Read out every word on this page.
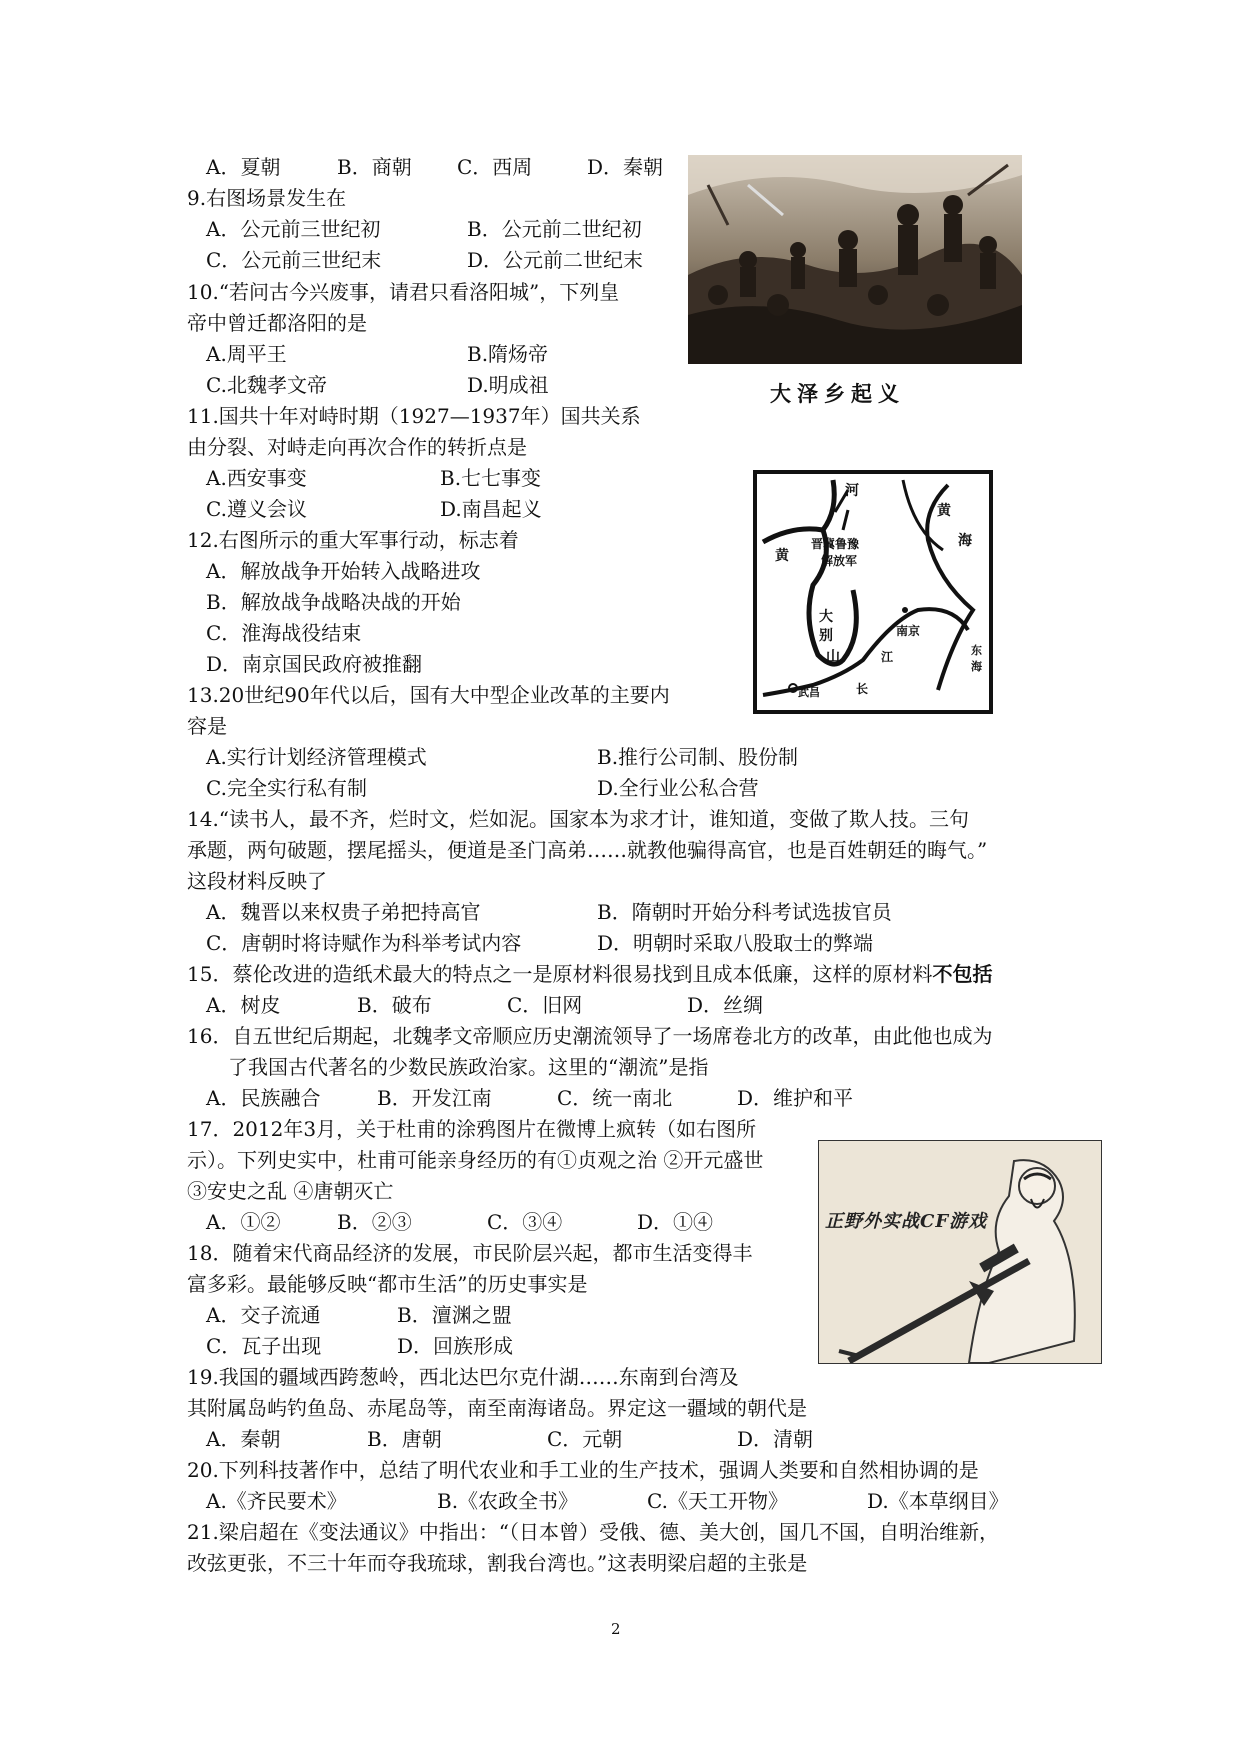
A．夏朝	B．商朝 C．西周	D．秦朝
9.右图场景发生在
A．公元前三世纪初	B．公元前二世纪初
C．公元前三世纪末	D．公元前二世纪末
大泽乡起义
10.“若问古今兴废事，请君只看洛阳城”，下列皇
帝中曾迁都洛阳的是
A.周平王	B.隋炀帝
C.北魏孝文帝	D.明成祖
11.国共十年对峙时期（1927—1937年）国共关系
由分裂、对峙走向再次合作的转折点是
A.西安事变	B.七七事变
C.遵义会议	D.南昌起义
河
黄
黄
海
晋冀鲁豫
解放军
大
别
山
南京
江
长
武昌
东
海
12.右图所示的重大军事行动，标志着
A．解放战争开始转入战略进攻
B．解放战争战略决战的开始
C．淮海战役结束
D．南京国民政府被推翻
13.20世纪90年代以后，国有大中型企业改革的主要内
容是
A.实行计划经济管理模式	B.推行公司制、股份制
C.完全实行私有制	D.全行业公私合营
14.“读书人，最不齐，烂时文，烂如泥。国家本为求才计，谁知道，变做了欺人技。三句
承题，两句破题，摆尾摇头，便道是圣门高弟……就教他骗得高官，也是百姓朝廷的晦气。”
这段材料反映了
A．魏晋以来权贵子弟把持高官	B．隋朝时开始分科考试选拔官员
C．唐朝时将诗赋作为科举考试内容	D．明朝时采取八股取士的弊端
15．蔡伦改进的造纸术最大的特点之一是原材料很易找到且成本低廉，这样的原材料不包括
A．树皮	B．破布	C．旧网	D．丝绸
16．自五世纪后期起，北魏孝文帝顺应历史潮流领导了一场席卷北方的改革，由此他也成为
了我国古代著名的少数民族政治家。这里的“潮流”是指
A．民族融合	B．开发江南	C．统一南北	D．维护和平
17．2012年3月，关于杜甫的涂鸦图片在微博上疯转（如右图所
示）。下列史实中，杜甫可能亲身经历的有①贞观之治 ②开元盛世
③安史之乱 ④唐朝灭亡
A．①②	B．②③	C．③④	D．①④	正野外实战CF游戏
18．随着宋代商品经济的发展，市民阶层兴起，都市生活变得丰
富多彩。最能够反映“都市生活”的历史事实是
A．交子流通	B．澶渊之盟
C．瓦子出现	D．回族形成
19.我国的疆域西跨葱岭，西北达巴尔克什湖……东南到台湾及
其附属岛屿钓鱼岛、赤尾岛等，南至南海诸岛。界定这一疆域的朝代是
A．秦朝	B．唐朝	C．元朝	D．清朝
20.下列科技著作中，总结了明代农业和手工业的生产技术，强调人类要和自然相协调的是
A.《齐民要术》	B.《农政全书》	C.《天工开物》	D.《本草纲目》
21.梁启超在《变法通议》中指出：“（日本曾）受俄、德、美大创，国几不国，自明治维新，
改弦更张，不三十年而夺我琉球，割我台湾也。”这表明梁启超的主张是
2
